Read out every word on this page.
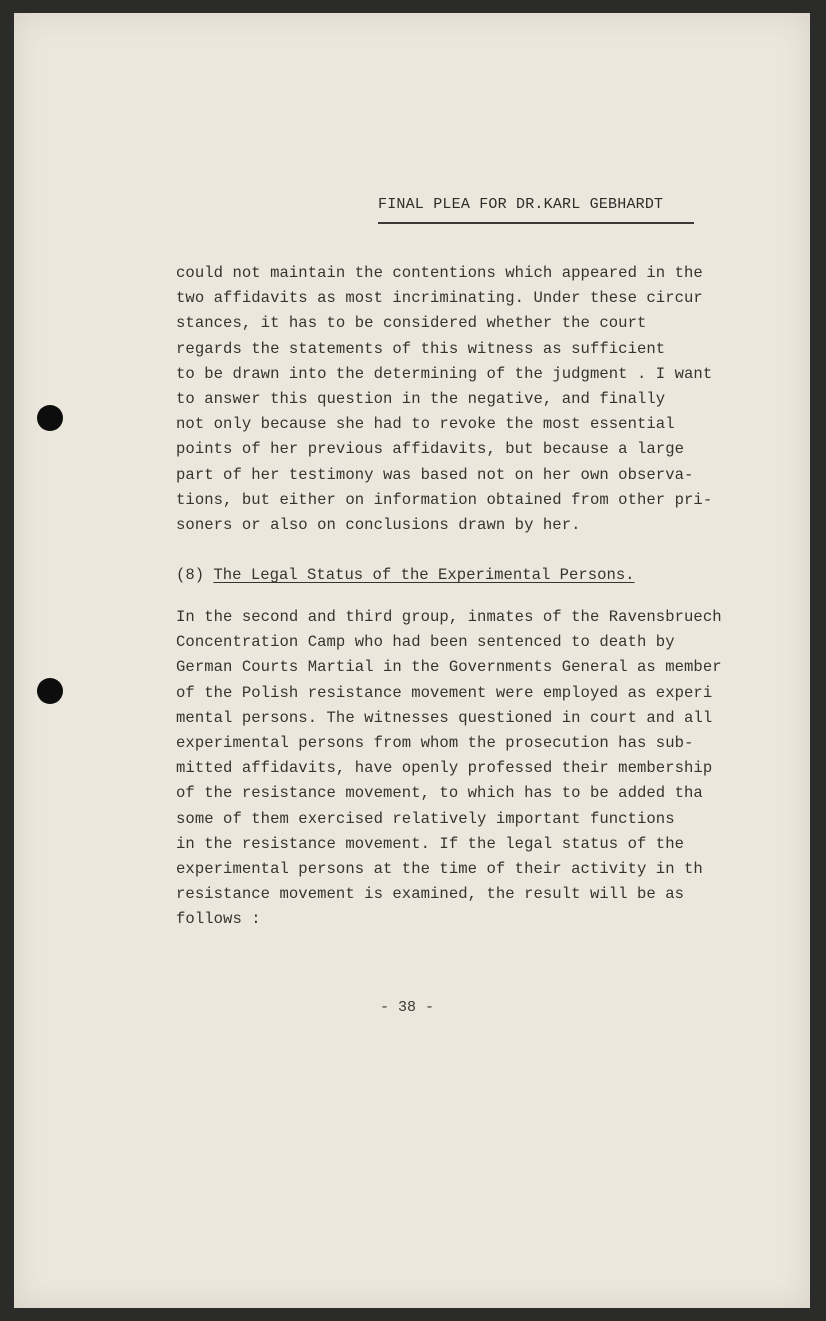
FINAL PLEA FOR DR.KARL GEBHARDT
could not maintain the contentions which appeared in the
two affidavits as most incriminating. Under these circur
stances, it has to be considered whether the court
regards the statements of this witness as sufficient
to be drawn into the determining of the judgment . I want
to answer this question in the negative, and finally
not only because she had to revoke the most essential
points of her previous affidavits, but because a large
part of her testimony was based not on her own observa-
tions, but either on information obtained from other pri-
soners or also on conclusions drawn by her.
(8) The Legal Status of the Experimental Persons.
In the second and third group, inmates of the Ravensbruech
Concentration Camp who had been sentenced to death by
German Courts Martial in the Governments General as member
of the Polish resistance movement were employed as experi
mental persons. The witnesses questioned in court and all
experimental persons from whom the prosecution has sub-
mitted affidavits, have openly professed their membership
of the resistance movement, to which has to be added tha
some of them exercised relatively important functions
in the resistance movement. If the legal status of the
experimental persons at the time of their activity in th
resistance movement is examined, the result will be as
follows :
- 38 -
